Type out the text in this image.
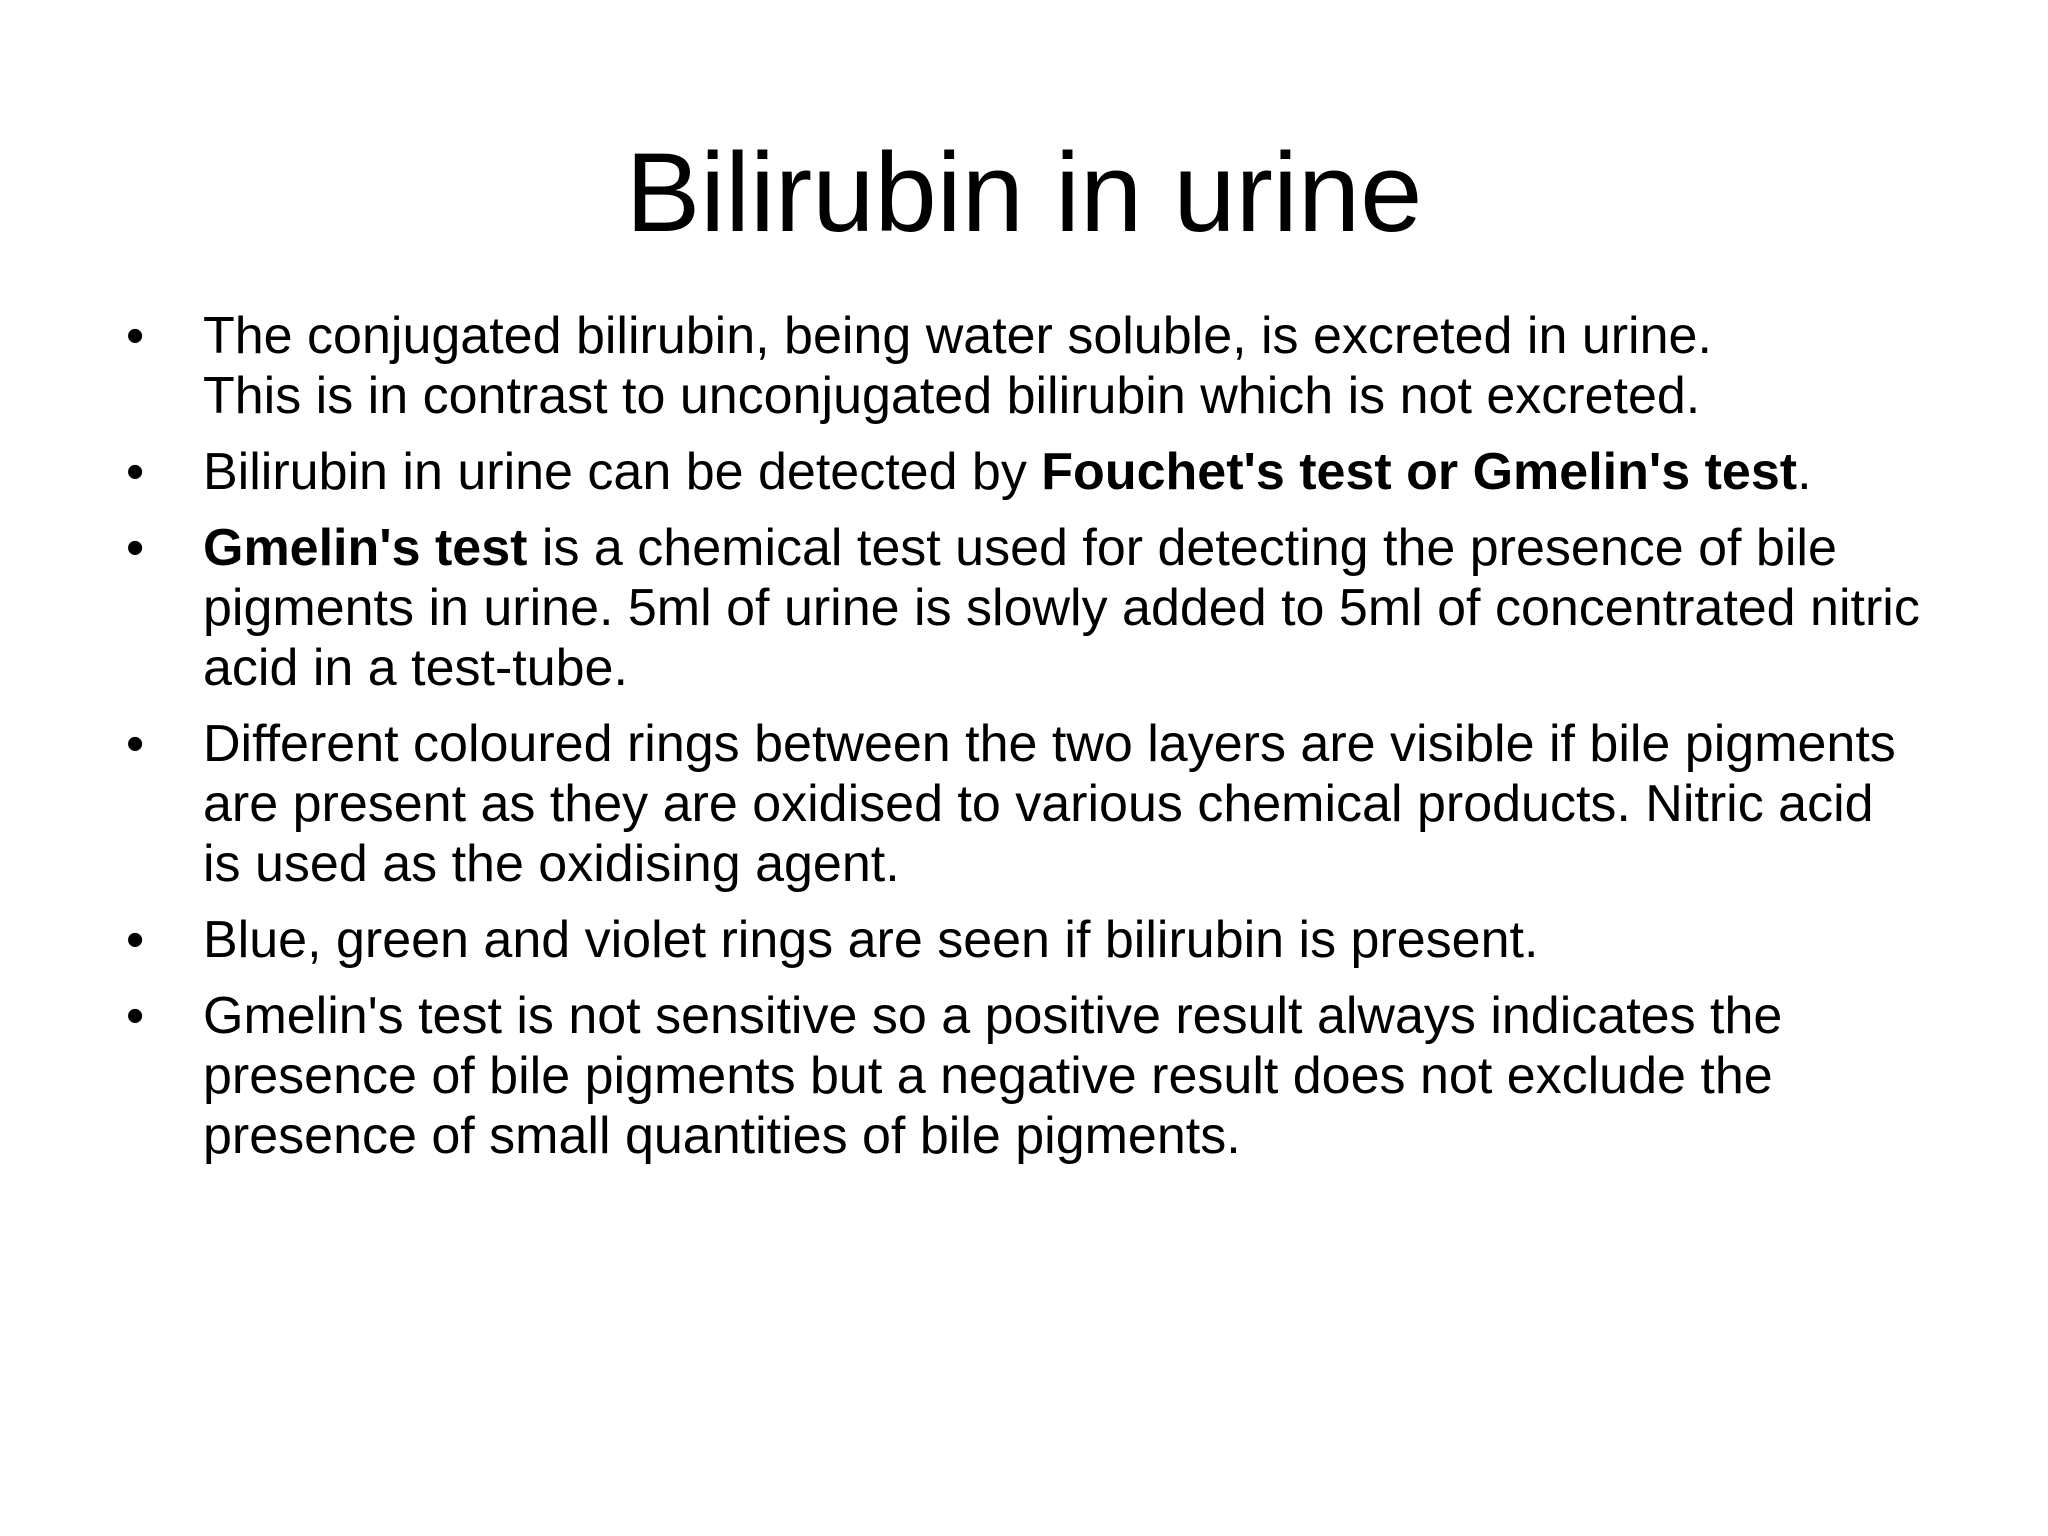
Bilirubin in urine
•	The conjugated bilirubin, being water soluble, is excreted in urine.
This is in contrast to unconjugated bilirubin which is not excreted.
•	Bilirubin in urine can be detected by Fouchet's test or Gmelin's test.
•	Gmelin's test is a chemical test used for detecting the presence of bile pigments in urine. 5ml of urine is slowly added to 5ml of concentrated nitric acid in a test-tube.
•	Different coloured rings between the two layers are visible if bile pigments are present as they are oxidised to various chemical products. Nitric acid is used as the oxidising agent.
•	Blue, green and violet rings are seen if bilirubin is present.
•	Gmelin's test is not sensitive so a positive result always indicates the presence of bile pigments but a negative result does not exclude the presence of small quantities of bile pigments.
